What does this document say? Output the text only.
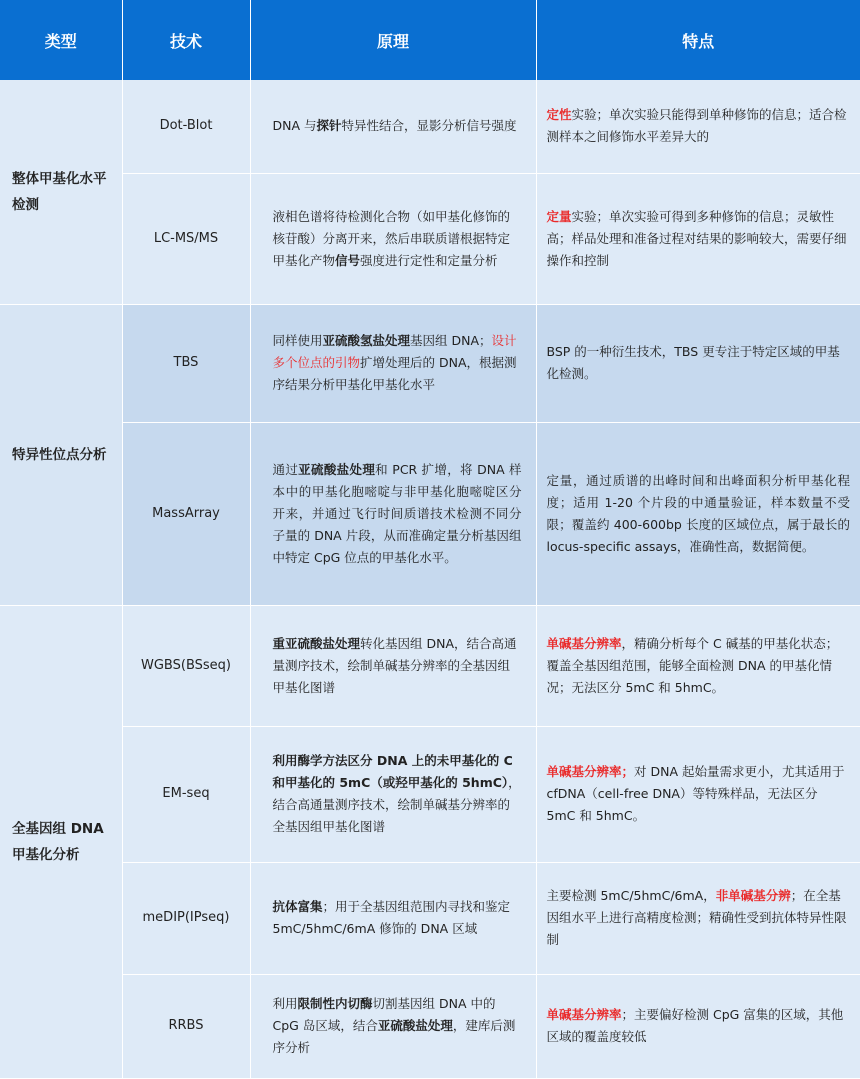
类型	技术	原理	特点
整体甲基化水平检测	Dot-Blot	DNA 与探针特异性结合，显影分析信号强度	定性实验；单次实验只能得到单种修饰的信息；适合检测样本之间修饰水平差异大的
	LC-MS/MS	液相色谱将待检测化合物（如甲基化修饰的核苷酸）分离开来，然后串联质谱根据特定甲基化产物信号强度进行定性和定量分析	定量实验；单次实验可得到多种修饰的信息；灵敏性高；样品处理和准备过程对结果的影响较大，需要仔细操作和控制
特异性位点分析	TBS	同样使用亚硫酸氢盐处理基因组 DNA；设计多个位点的引物扩增处理后的 DNA，根据测序结果分析甲基化甲基化水平	BSP 的一种衍生技术，TBS 更专注于特定区域的甲基化检测。
	MassArray	通过亚硫酸盐处理和 PCR 扩增，将 DNA 样本中的甲基化胞嘧啶与非甲基化胞嘧啶区分开来，并通过飞行时间质谱技术检测不同分子量的 DNA 片段，从而准确定量分析基因组中特定 CpG 位点的甲基化水平。	定量，通过质谱的出峰时间和出峰面积分析甲基化程度；适用 1-20 个片段的中通量验证，样本数量不受限；覆盖约 400-600bp 长度的区域位点，属于最长的 locus-specific assays，准确性高，数据简便。
全基因组 DNA 甲基化分析	WGBS(BSseq)	重亚硫酸盐处理转化基因组 DNA，结合高通量测序技术，绘制单碱基分辨率的全基因组甲基化图谱	单碱基分辨率，精确分析每个 C 碱基的甲基化状态；覆盖全基因组范围，能够全面检测 DNA 的甲基化情况；无法区分 5mC 和 5hmC。
	EM-seq	利用酶学方法区分 DNA 上的未甲基化的 C 和甲基化的 5mC（或羟甲基化的 5hmC），结合高通量测序技术，绘制单碱基分辨率的全基因组甲基化图谱	单碱基分辨率；对 DNA 起始量需求更小，尤其适用于 cfDNA（cell-free DNA）等特殊样品，无法区分 5mC 和 5hmC。
	meDIP(IPseq)	抗体富集；用于全基因组范围内寻找和鉴定 5mC/5hmC/6mA 修饰的 DNA 区域	主要检测 5mC/5hmC/6mA，非单碱基分辨；在全基因组水平上进行高精度检测；精确性受到抗体特异性限制
	RRBS	利用限制性内切酶切割基因组 DNA 中的 CpG 岛区域，结合亚硫酸盐处理，建库后测序分析	单碱基分辨率；主要偏好检测 CpG 富集的区域，其他区域的覆盖度较低
